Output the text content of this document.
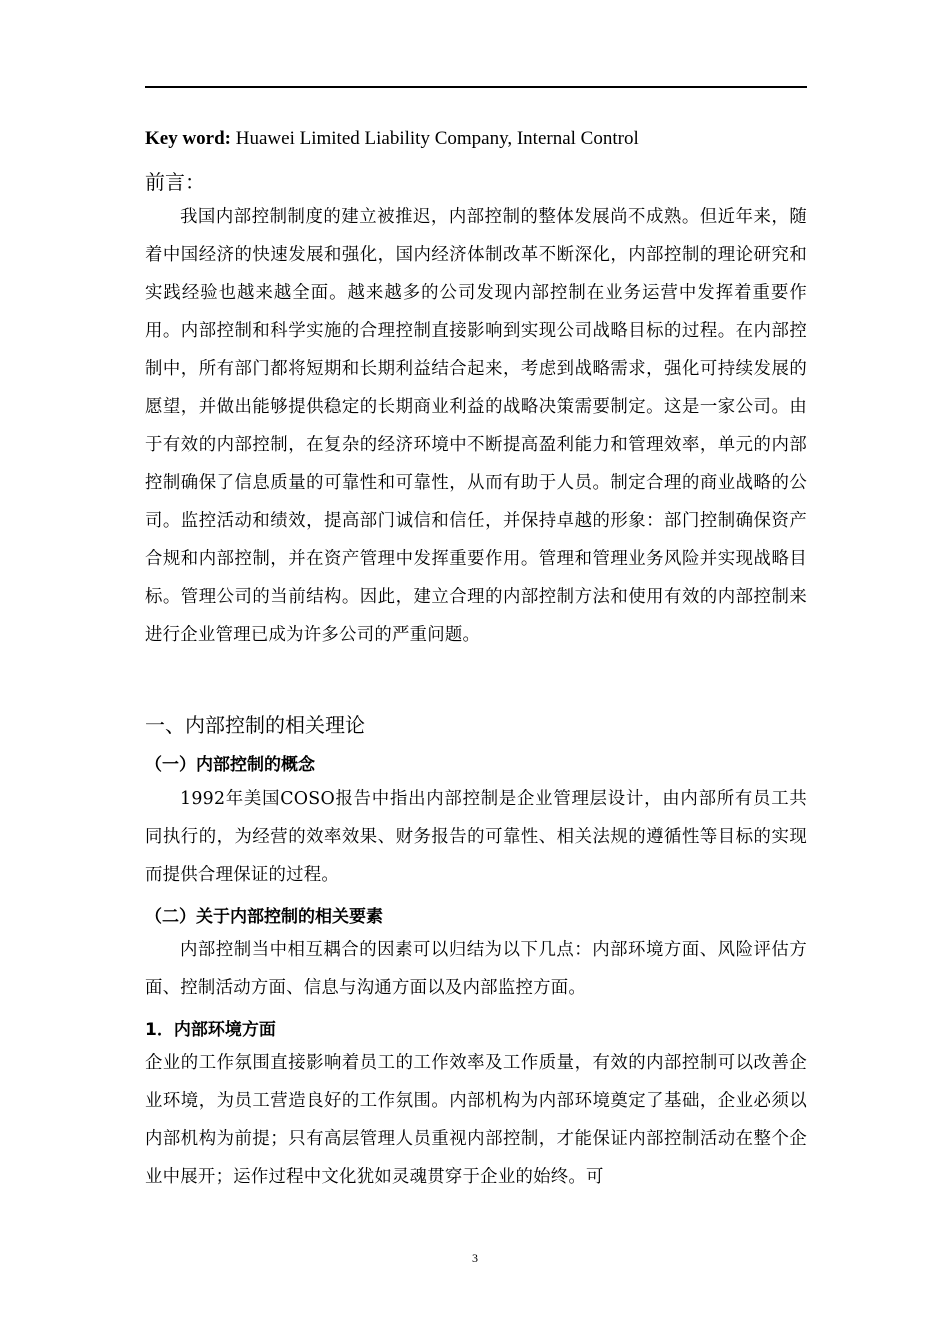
Key word: Huawei Limited Liability Company, Internal Control
前言：
我国内部控制制度的建立被推迟，内部控制的整体发展尚不成熟。但近年来，随着中国经济的快速发展和强化，国内经济体制改革不断深化，内部控制的理论研究和实践经验也越来越全面。越来越多的公司发现内部控制在业务运营中发挥着重要作用。内部控制和科学实施的合理控制直接影响到实现公司战略目标的过程。在内部控制中，所有部门都将短期和长期利益结合起来，考虑到战略需求，强化可持续发展的愿望，并做出能够提供稳定的长期商业利益的战略决策需要制定。这是一家公司。由于有效的内部控制，在复杂的经济环境中不断提高盈利能力和管理效率，单元的内部控制确保了信息质量的可靠性和可靠性，从而有助于人员。制定合理的商业战略的公司。监控活动和绩效，提高部门诚信和信任，并保持卓越的形象：部门控制确保资产合规和内部控制，并在资产管理中发挥重要作用。管理和管理业务风险并实现战略目标。管理公司的当前结构。因此，建立合理的内部控制方法和使用有效的内部控制来进行企业管理已成为许多公司的严重问题。
一、内部控制的相关理论
（一）内部控制的概念
1992年美国COSO报告中指出内部控制是企业管理层设计，由内部所有员工共同执行的，为经营的效率效果、财务报告的可靠性、相关法规的遵循性等目标的实现而提供合理保证的过程。
（二）关于内部控制的相关要素
内部控制当中相互耦合的因素可以归结为以下几点：内部环境方面、风险评估方面、控制活动方面、信息与沟通方面以及内部监控方面。
1．内部环境方面
企业的工作氛围直接影响着员工的工作效率及工作质量，有效的内部控制可以改善企业环境，为员工营造良好的工作氛围。内部机构为内部环境奠定了基础，企业必须以内部机构为前提；只有高层管理人员重视内部控制，才能保证内部控制活动在整个企业中展开；运作过程中文化犹如灵魂贯穿于企业的始终。可
3
